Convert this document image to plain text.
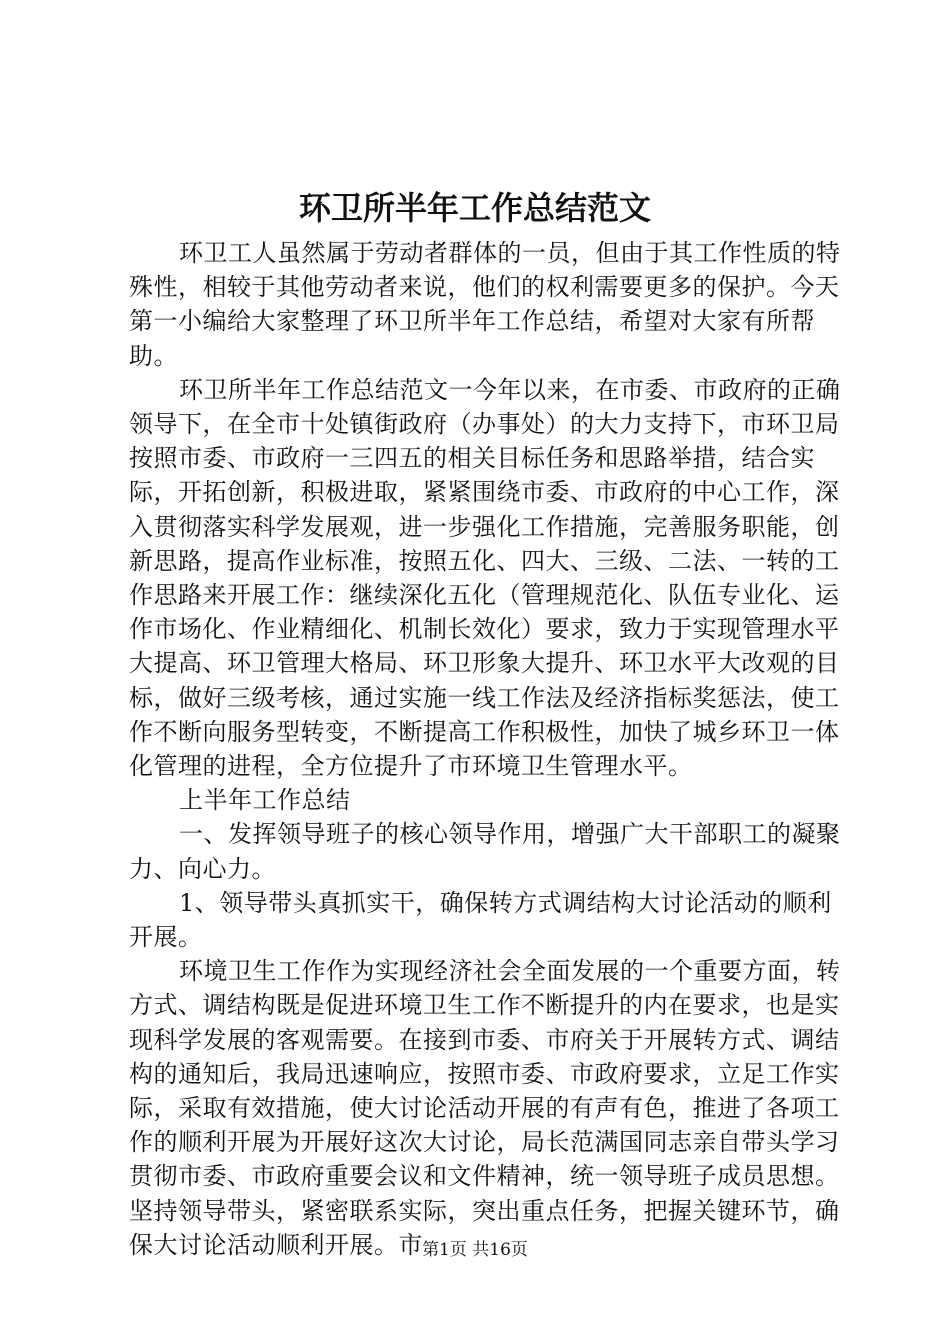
环卫所半年工作总结范文

环卫工人虽然属于劳动者群体的一员，但由于其工作性质的特殊性，相较于其他劳动者来说，他们的权利需要更多的保护。今天第一小编给大家整理了环卫所半年工作总结，希望对大家有所帮助。

环卫所半年工作总结范文一今年以来，在市委、市政府的正确领导下，在全市十处镇街政府（办事处）的大力支持下，市环卫局按照市委、市政府一三四五的相关目标任务和思路举措，结合实际，开拓创新，积极进取，紧紧围绕市委、市政府的中心工作，深入贯彻落实科学发展观，进一步强化工作措施，完善服务职能，创新思路，提高作业标准，按照五化、四大、三级、二法、一转的工作思路来开展工作：继续深化五化（管理规范化、队伍专业化、运作市场化、作业精细化、机制长效化）要求，致力于实现管理水平大提高、环卫管理大格局、环卫形象大提升、环卫水平大改观的目标，做好三级考核，通过实施一线工作法及经济指标奖惩法，使工作不断向服务型转变，不断提高工作积极性，加快了城乡环卫一体化管理的进程，全方位提升了市环境卫生管理水平。

上半年工作总结

一、发挥领导班子的核心领导作用，增强广大干部职工的凝聚力、向心力。

1、领导带头真抓实干，确保转方式调结构大讨论活动的顺利开展。

环境卫生工作作为实现经济社会全面发展的一个重要方面，转方式、调结构既是促进环境卫生工作不断提升的内在要求，也是实现科学发展的客观需要。在接到市委、市府关于开展转方式、调结构的通知后，我局迅速响应，按照市委、市政府要求，立足工作实际，采取有效措施，使大讨论活动开展的有声有色，推进了各项工作的顺利开展为开展好这次大讨论，局长范满国同志亲自带头学习贯彻市委、市政府重要会议和文件精神，统一领导班子成员思想。坚持领导带头，紧密联系实际，突出重点任务，把握关键环节，确保大讨论活动顺利开展。市 第1页 共16页
